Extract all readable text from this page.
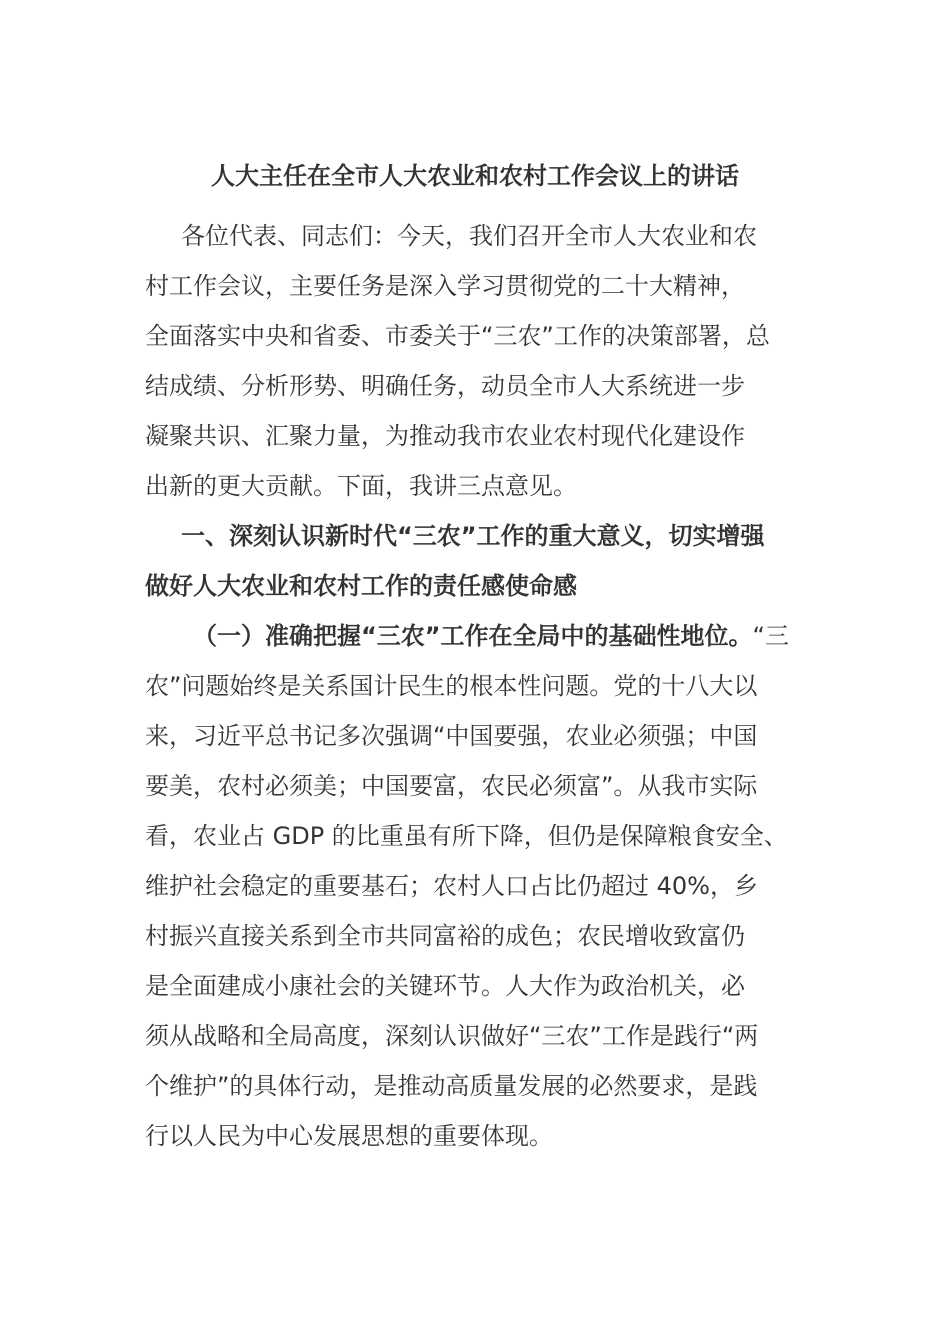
人大主任在全市人大农业和农村工作会议上的讲话
各位代表、同志们：今天，我们召开全市人大农业和农
村工作会议，主要任务是深入学习贯彻党的二十大精神，
全面落实中央和省委、市委关于“三农”工作的决策部署，总
结成绩、分析形势、明确任务，动员全市人大系统进一步
凝聚共识、汇聚力量，为推动我市农业农村现代化建设作
出新的更大贡献。下面，我讲三点意见。
一、深刻认识新时代“三农”工作的重大意义，切实增强
做好人大农业和农村工作的责任感使命感
（一）准确把握“三农”工作在全局中的基础性地位。“三
农”问题始终是关系国计民生的根本性问题。党的十八大以
来，习近平总书记多次强调“中国要强，农业必须强；中国
要美，农村必须美；中国要富，农民必须富”。从我市实际
看，农业占 GDP 的比重虽有所下降，但仍是保障粮食安全、
维护社会稳定的重要基石；农村人口占比仍超过 40%，乡
村振兴直接关系到全市共同富裕的成色；农民增收致富仍
是全面建成小康社会的关键环节。人大作为政治机关，必
须从战略和全局高度，深刻认识做好“三农”工作是践行“两
个维护”的具体行动，是推动高质量发展的必然要求，是践
行以人民为中心发展思想的重要体现。
